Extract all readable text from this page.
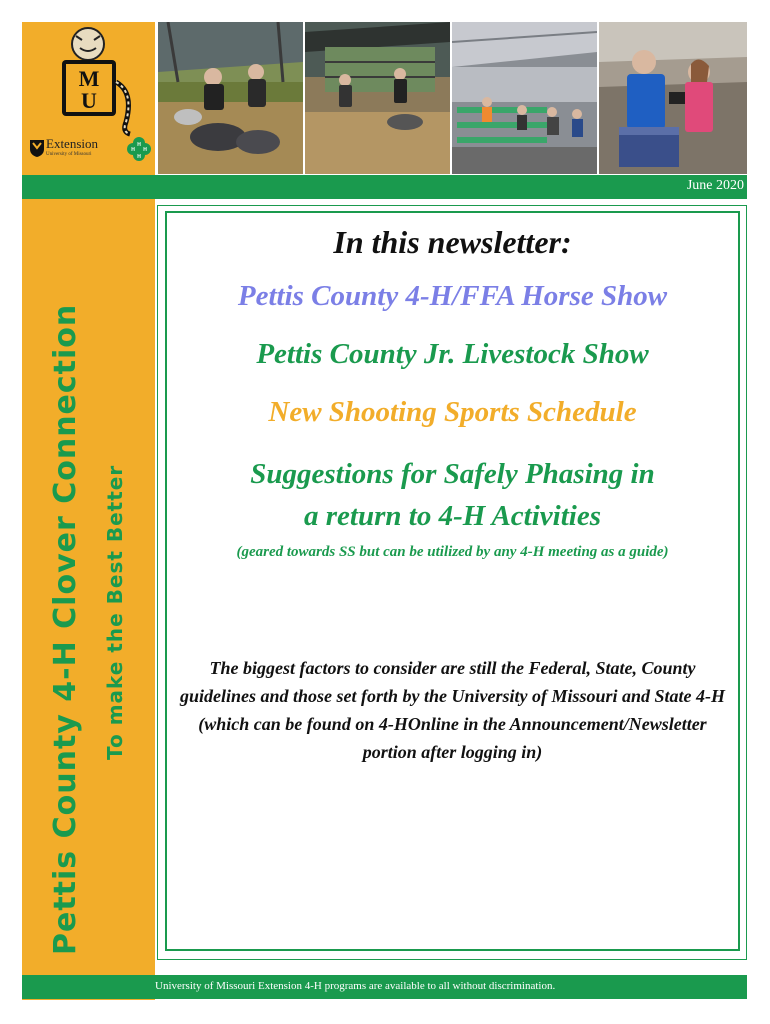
M
U
Extension
University of Missouri
H
H
H H
June 2020
Pettis County 4-H Clover Connection To make the Best Better
In this newsletter:
Pettis County 4-H/FFA Horse Show
Pettis County Jr. Livestock Show
New Shooting Sports Schedule
Suggestions for Safely Phasing in
a return to 4-H Activities
(geared towards SS but can be utilized by any 4-H meeting as a guide)
The biggest factors to consider are still the Federal, State, County guidelines and those set forth by the University of Missouri and State 4-H (which can be found on 4-HOnline in the Announcement/Newsletter portion after logging in)
University of Missouri Extension 4-H programs are available to all without discrimination.
